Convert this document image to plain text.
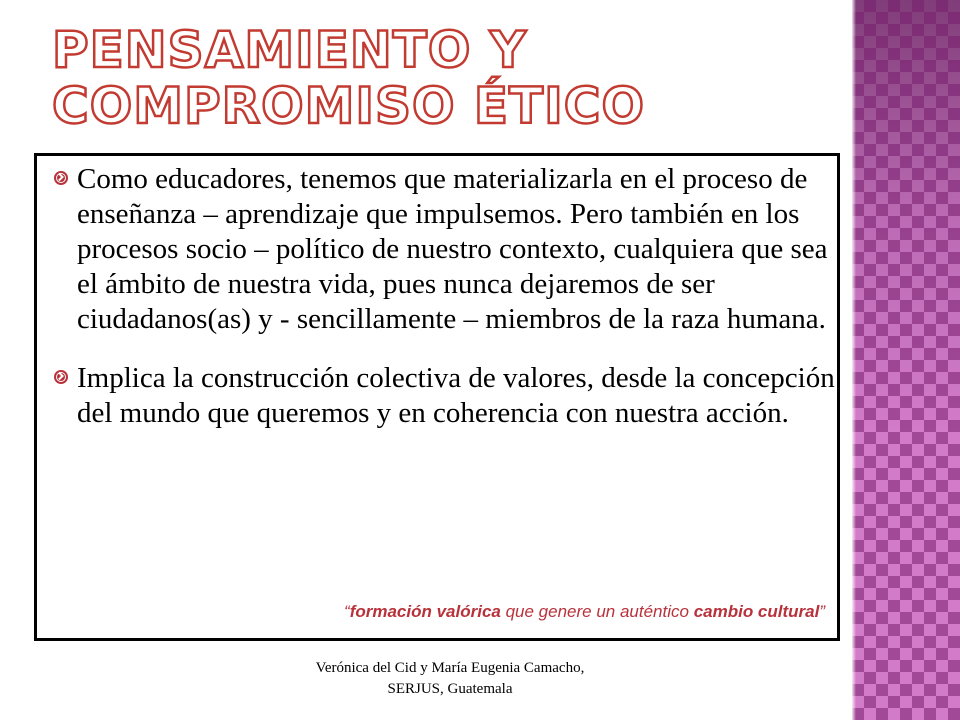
PENSAMIENTO Y COMPROMISO ÉTICO
Como educadores, tenemos que materializarla en el proceso de enseñanza – aprendizaje que impulsemos. Pero también en los procesos socio – político de nuestro contexto, cualquiera que sea el ámbito de nuestra vida, pues nunca dejaremos de ser ciudadanos(as) y - sencillamente – miembros de la raza humana.
Implica la construcción colectiva de valores, desde la concepción del mundo que queremos y en coherencia con nuestra acción.
“formación valórica que genere un auténtico cambio cultural”
Verónica del Cid y María Eugenia Camacho,
SERJUS, Guatemala
